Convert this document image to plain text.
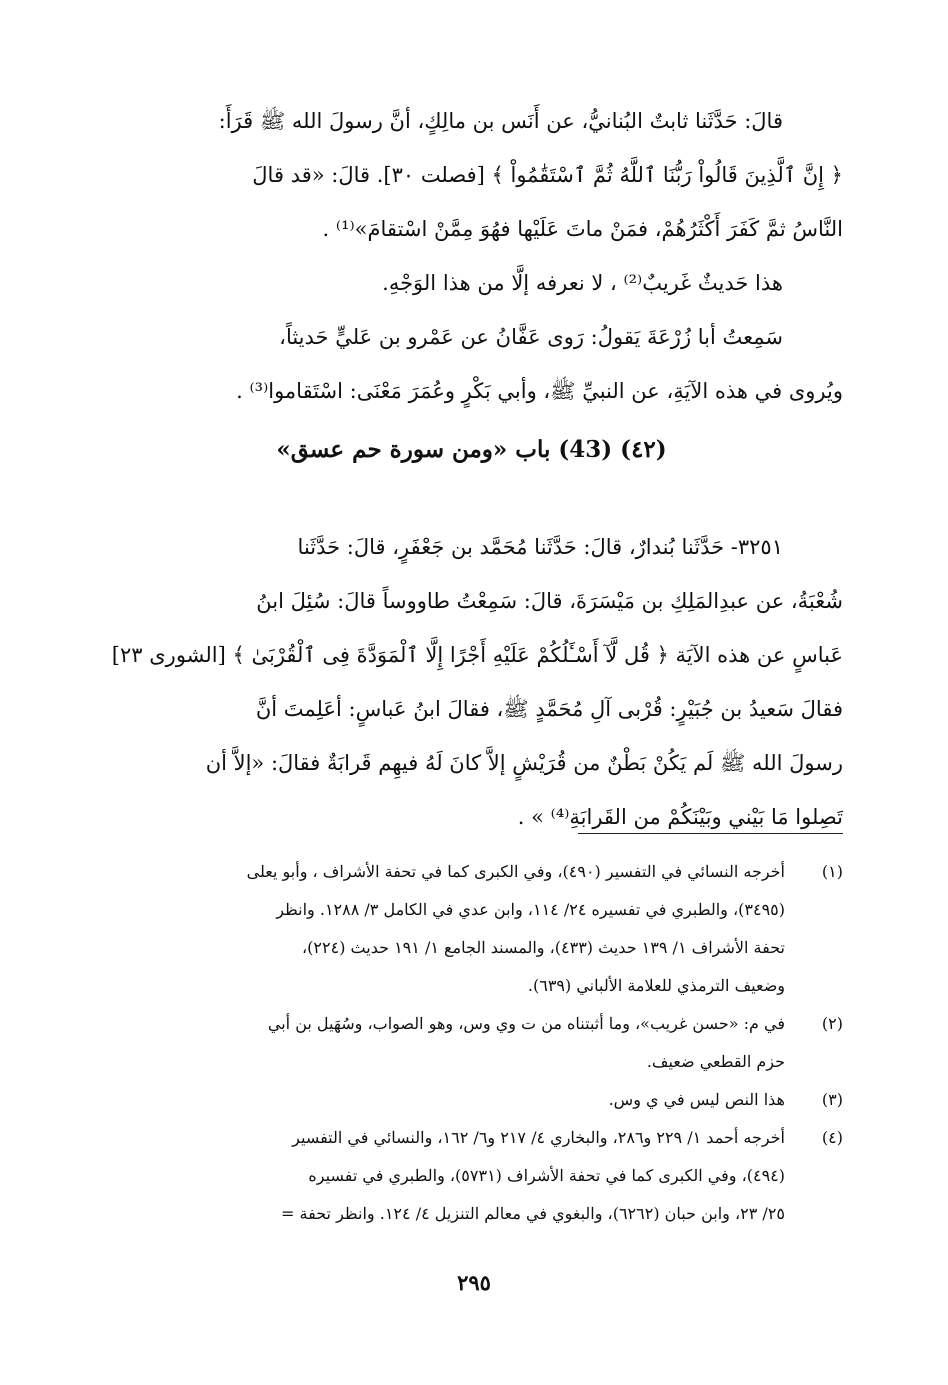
قالَ: حَدَّثَنا ثابتٌ البُنانيُّ، عن أَنَس بن مالِكٍ، أنَّ رسولَ الله ﷺ قَرَأَ:

﴿ إِنَّ ٱلَّذِينَ قَالُواْ رَبُّنَا ٱللَّهُ ثُمَّ ٱسْتَقَٰمُواْ ﴾ [فصلت ٣٠]. قالَ: «قد قالَ

النَّاسُ ثمَّ كَفَرَ أَكْثَرُهُمْ، فمَنْ ماتَ عَلَيْها فهُوَ مِمَّنْ اسْتقامَ»⁽¹⁾ .

هذا حَديثٌ غَريبٌ⁽²⁾ ، لا نعرفه إلَّا من هذا الوَجْهِ.

سَمِعتُ أبا زُرْعَةَ يَقولُ: رَوى عَفَّانُ عن عَمْرو بن عَليٍّ حَديثاً،

ويُروى في هذه الآيَةِ، عن النبيِّ ﷺ، وأبي بَكْرٍ وعُمَرَ مَعْنَى: اسْتَقاموا⁽³⁾ .

(٤٢) (43) باب «ومن سورة حم عسق»

٣٢٥١- حَدَّثَنا بُندارٌ، قالَ: حَدَّثَنا مُحَمَّد بن جَعْفَرٍ، قالَ: حَدَّثَنا

شُعْبَةُ، عن عبدِالمَلِكِ بن مَيْسَرَةَ، قالَ: سَمِعْتُ طاووساً قالَ: سُئِلَ ابنُ

عَباسٍ عن هذه الآيَة ﴿ قُل لَّآ أَسْـَٔلُكُمْ عَلَيْهِ أَجْرًا إِلَّا ٱلْمَوَدَّةَ فِى ٱلْقُرْبَىٰ ﴾ [الشورى ٢٣]

فقالَ سَعيدُ بن جُبَيْرٍ: قُرْبى آلِ مُحَمَّدٍ ﷺ، فقالَ ابنُ عَباسٍ: أعَلِمتَ أنَّ

رسولَ الله ﷺ لَم يَكُنْ بَطْنٌ من قُرَيْشٍ إلاَّ كانَ لَهُ فيهِم قَرابَةٌ فقالَ: «إلاَّ أن

تَصِلوا مَا بَيْني وبَيْنَكُمْ من القَرابَةِ⁽⁴⁾ » .

(١)

أخرجه النسائي في التفسير (٤٩٠)، وفي الكبرى كما في تحفة الأشراف ، وأبو يعلى

(٣٤٩٥)، والطبري في تفسيره ٢٤/ ١١٤، وابن عدي في الكامل ٣/ ١٢٨٨. وانظر

تحفة الأشراف ١/ ١٣٩ حديث (٤٣٣)، والمسند الجامع ١/ ١٩١ حديث (٢٢٤)،

وضعيف الترمذي للعلامة الألباني (٦٣٩).

(٢)

في م: «حسن غريب»، وما أثبتناه من ت وي وس، وهو الصواب، وسُهَيل بن أبي

حزم القطعي ضعيف.

(٣)

هذا النص ليس في ي وس.

(٤)

أخرجه أحمد ١/ ٢٢٩ و٢٨٦، والبخاري ٤/ ٢١٧ و٦/ ١٦٢، والنسائي في التفسير

(٤٩٤)، وفي الكبرى كما في تحفة الأشراف (٥٧٣١)، والطبري في تفسيره

٢٥/ ٢٣، وابن حبان (٦٢٦٢)، والبغوي في معالم التنزيل ٤/ ١٢٤. وانظر تحفة =

٢٩٥
